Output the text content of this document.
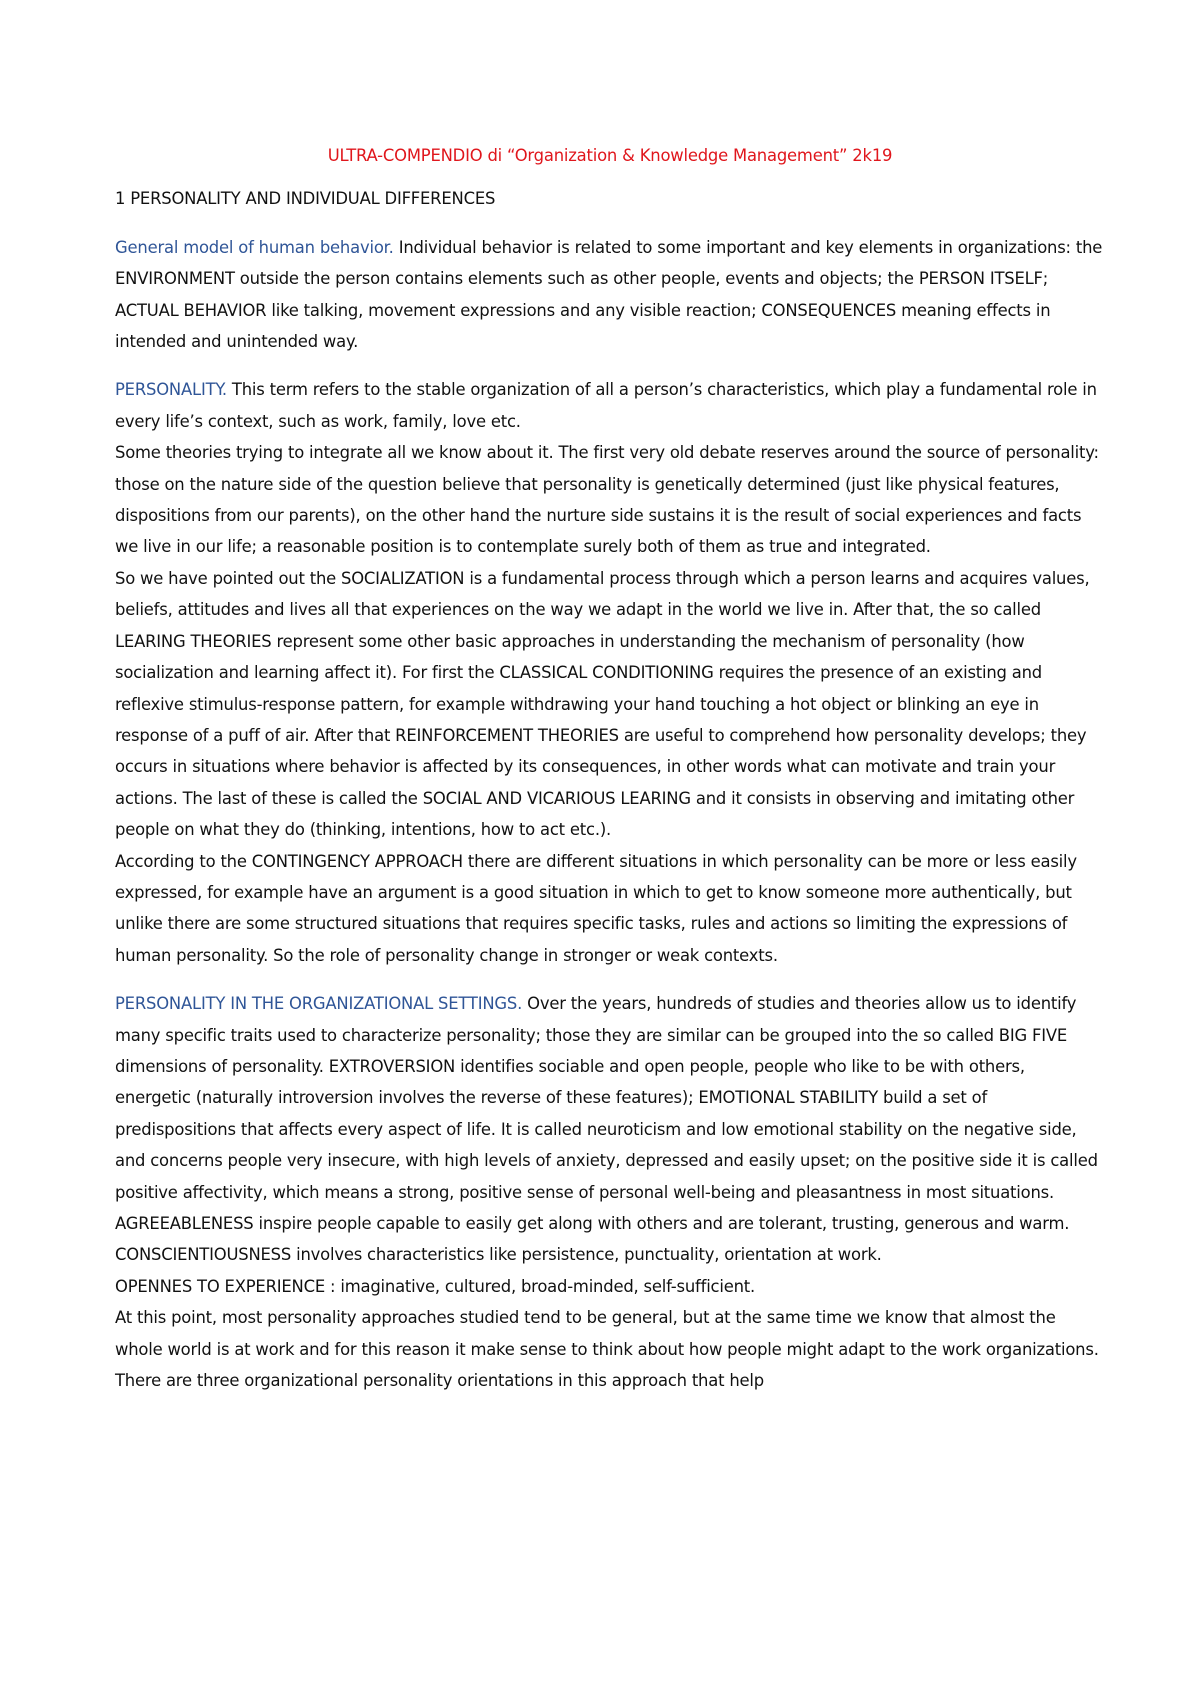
ULTRA-COMPENDIO di “Organization & Knowledge Management” 2k19
1 PERSONALITY AND INDIVIDUAL DIFFERENCES

General model of human behavior. Individual behavior is related to some important and key elements in organizations: the ENVIRONMENT outside the person contains elements such as other people, events and objects; the PERSON ITSELF; ACTUAL BEHAVIOR like talking, movement expressions and any visible reaction; CONSEQUENCES meaning effects in intended and unintended way.

PERSONALITY. This term refers to the stable organization of all a person’s characteristics, which play a fundamental role in every life’s context, such as work, family, love etc.

Some theories trying to integrate all we know about it. The first very old debate reserves around the source of personality: those on the nature side of the question believe that personality is genetically determined (just like physical features, dispositions from our parents), on the other hand the nurture side sustains it is the result of social experiences and facts we live in our life; a reasonable position is to contemplate surely both of them as true and integrated.

So we have pointed out the SOCIALIZATION is a fundamental process through which a person learns and acquires values, beliefs, attitudes and lives all that experiences on the way we adapt in the world we live in. After that, the so called LEARING THEORIES represent some other basic approaches in understanding the mechanism of personality (how socialization and learning affect it). For first the CLASSICAL CONDITIONING requires the presence of an existing and reflexive stimulus-response pattern, for example withdrawing your hand touching a hot object or blinking an eye in response of a puff of air. After that REINFORCEMENT THEORIES are useful to comprehend how personality develops; they occurs in situations where behavior is affected by its consequences, in other words what can motivate and train your actions. The last of these is called the SOCIAL AND VICARIOUS LEARING and it consists in observing and imitating other people on what they do (thinking, intentions, how to act etc.).

According to the CONTINGENCY APPROACH there are different situations in which personality can be more or less easily expressed, for example have an argument is a good situation in which to get to know someone more authentically, but unlike there are some structured situations that requires specific tasks, rules and actions so limiting the expressions of human personality. So the role of personality change in stronger or weak contexts.

PERSONALITY IN THE ORGANIZATIONAL SETTINGS. Over the years, hundreds of studies and theories allow us to identify many specific traits used to characterize personality; those they are similar can be grouped into the so called BIG FIVE dimensions of personality. EXTROVERSION identifies sociable and open people, people who like to be with others, energetic (naturally introversion involves the reverse of these features); EMOTIONAL STABILITY build a set of predispositions that affects every aspect of life. It is called neuroticism and low emotional stability on the negative side, and concerns people very insecure, with high levels of anxiety, depressed and easily upset; on the positive side it is called positive affectivity, which means a strong, positive sense of personal well-being and pleasantness in most situations.

AGREEABLENESS inspire people capable to easily get along with others and are tolerant, trusting, generous and warm.

CONSCIENTIOUSNESS involves characteristics like persistence, punctuality, orientation at work.

OPENNES TO EXPERIENCE : imaginative, cultured, broad-minded, self-sufficient.

At this point, most personality approaches studied tend to be general, but at the same time we know that almost the whole world is at work and for this reason it make sense to think about how people might adapt to the work organizations. There are three organizational personality orientations in this approach that help
